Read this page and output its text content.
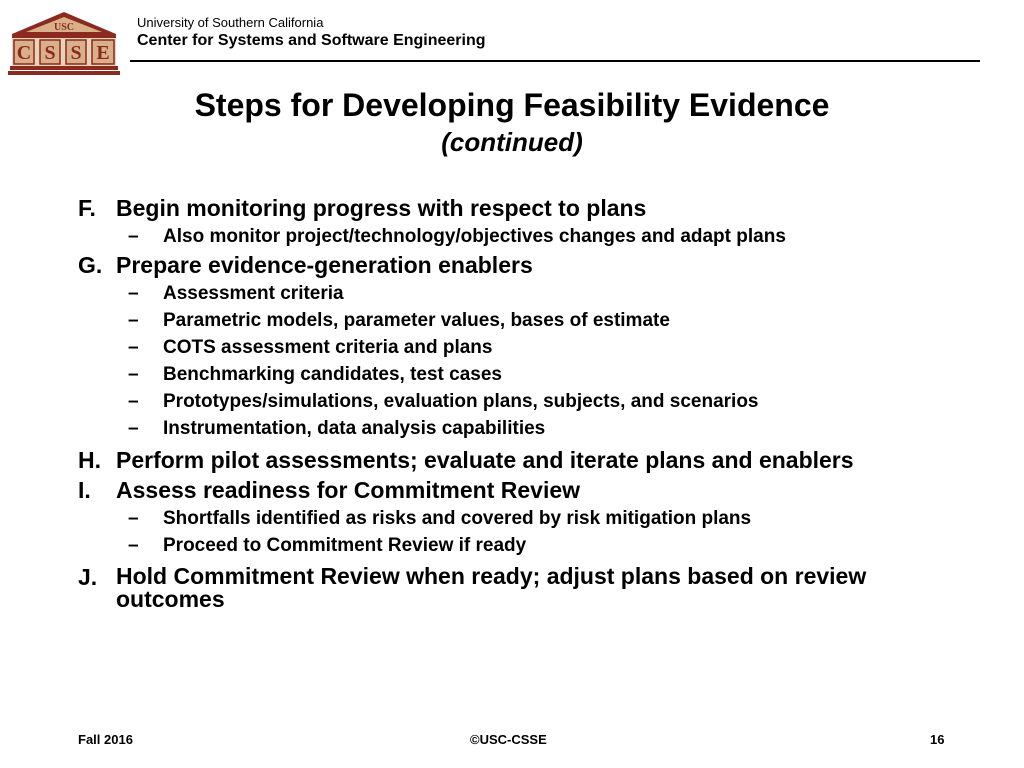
USC
C S S E
University of Southern California
Center for Systems and Software Engineering
Steps for Developing Feasibility Evidence
(continued)
F. Begin monitoring progress with respect to plans
– Also monitor project/technology/objectives changes and adapt plans
G. Prepare evidence-generation enablers
– Assessment criteria
– Parametric models, parameter values, bases of estimate
– COTS assessment criteria and plans
– Benchmarking candidates, test cases
– Prototypes/simulations, evaluation plans, subjects, and scenarios
– Instrumentation, data analysis capabilities
H. Perform pilot assessments; evaluate and iterate plans and enablers
I. Assess readiness for Commitment Review
– Shortfalls identified as risks and covered by risk mitigation plans
– Proceed to Commitment Review if ready
J. Hold Commitment Review when ready; adjust plans based on review outcomes
Fall 2016	©USC-CSSE	16
